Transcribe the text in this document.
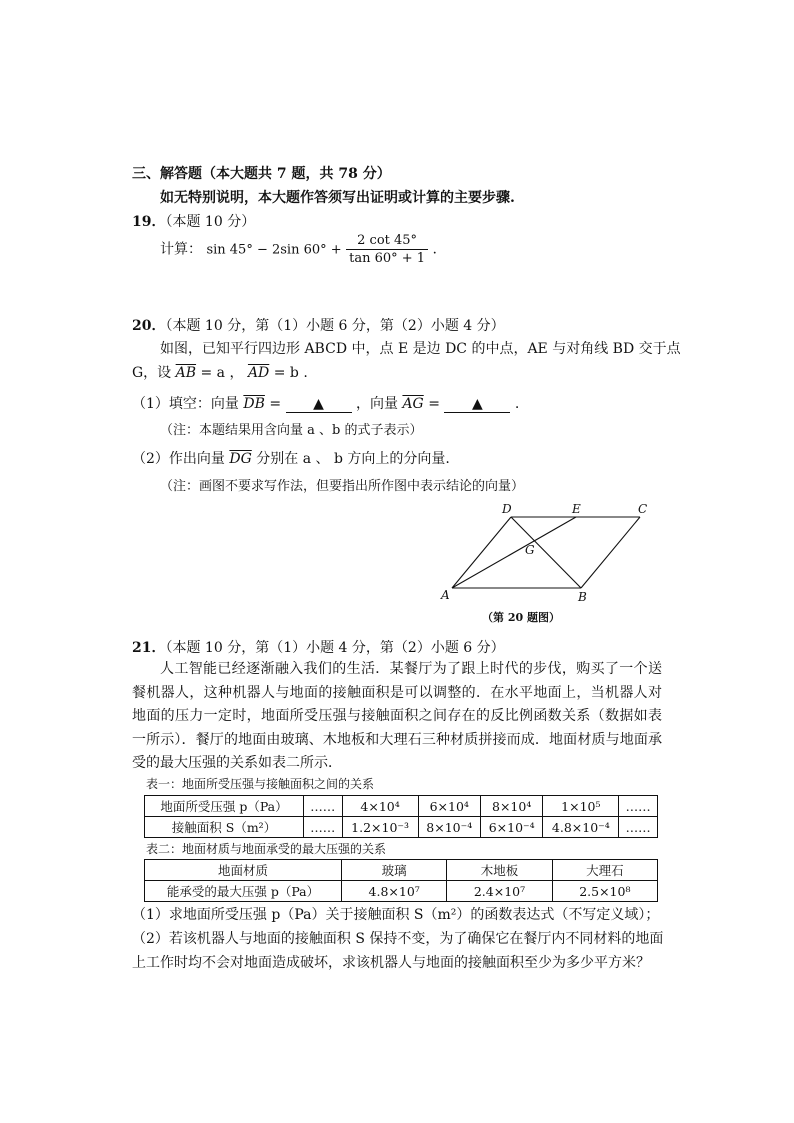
三、解答题（本大题共 7 题，共 78 分）
如无特别说明，本大题作答须写出证明或计算的主要步骤.
19．（本题 10 分）
计算： sin 45° − 2sin $60^\circ + \frac{2 \cot 45^\circ}{\tan 60^\circ + 1}$ .
20．（本题 10 分，第（1）小题 6 分，第（2）小题 4 分）
如图，已知平行四边形 ABCD 中，点 E 是边 DC 的中点，AE 与对角线 BD 交于点
G，设 $\overline{AB} = a$ ， $\overline{AD} = b$ .
（1）填空：向量 $\overline{DB}$ = ▲ ，向量 $\overline{AG}$ = ▲ .
（注：本题结果用含向量 a 、b 的式子表示）
（2）作出向量 $\overline{DG}$ 分别在 a 、 b 方向上的分向量.
（注：画图不要求写作法，但要指出所作图中表示结论的向量）
D	E	C
G
A	B
（第 20 题图）
21．（本题 10 分，第（1）小题 4 分，第（2）小题 6 分）
人工智能已经逐渐融入我们的生活．某餐厅为了跟上时代的步伐，购买了一个送餐机器人，这种机器人与地面的接触面积是可以调整的．在水平地面上，当机器人对地面的压力一定时，地面所受压强与接触面积之间存在的反比例函数关系（数据如表一所示）．餐厅的地面由玻璃、木地板和大理石三种材质拼接而成．地面材质与地面承受的最大压强的关系如表二所示．
表一：地面所受压强与接触面积之间的关系
地面所受压强 p（Pa）	……	4×10⁴	6×10⁴	8×10⁴	1×10⁵	……
接触面积 S（m²）	……	1.2×10⁻³	8×10⁻⁴	6×10⁻⁴	4.8×10⁻⁴	……
表二：地面材质与地面承受的最大压强的关系
地面材质	玻璃	木地板	大理石
能承受的最大压强 p（Pa）	4.8×10⁷	2.4×10⁷	2.5×10⁸
（1）求地面所受压强 p（Pa）关于接触面积 S（m²）的函数表达式（不写定义域）；
（2）若该机器人与地面的接触面积 S 保持不变，为了确保它在餐厅内不同材料的地面
上工作时均不会对地面造成破坏，求该机器人与地面的接触面积至少为多少平方米？
